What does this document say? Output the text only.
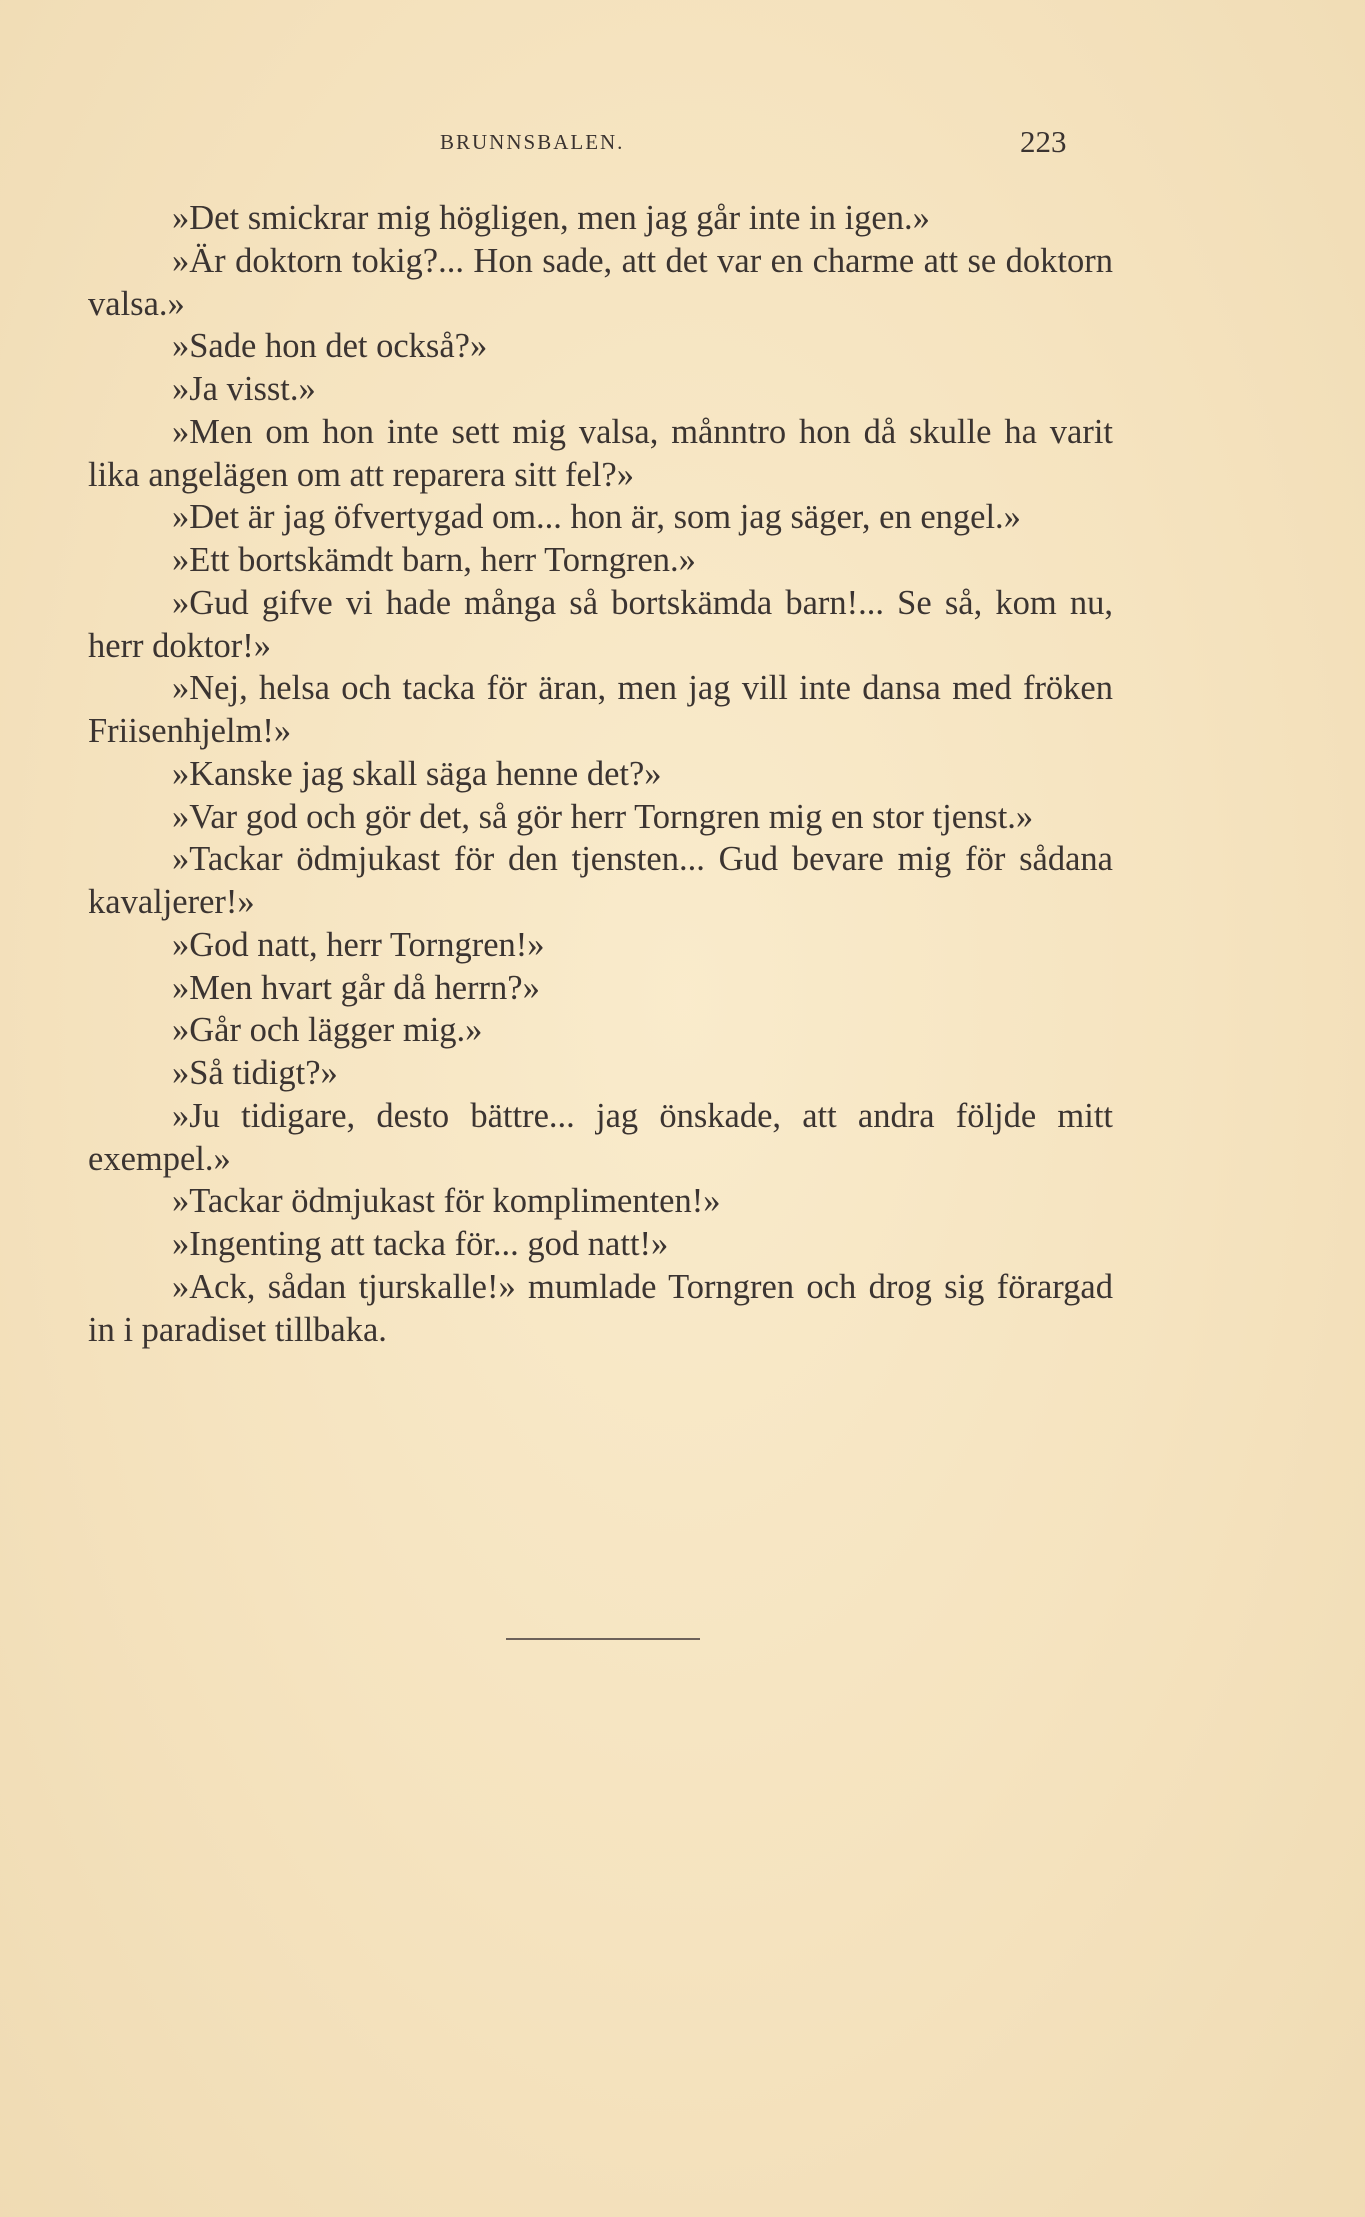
BRUNNSBALEN.	223

»Det smickrar mig högligen, men jag går inte in igen.»

»Är doktorn tokig?... Hon sade, att det var en charme att se doktorn valsa.»

»Sade hon det också?»

»Ja visst.»

»Men om hon inte sett mig valsa, månntro hon då skulle ha varit lika angelägen om att reparera sitt fel?»

»Det är jag öfvertygad om... hon är, som jag säger, en engel.»

»Ett bortskämdt barn, herr Torngren.»

»Gud gifve vi hade många så bortskämda barn!... Se så, kom nu, herr doktor!»

»Nej, helsa och tacka för äran, men jag vill inte dansa med fröken Friisenhjelm!»

»Kanske jag skall säga henne det?»

»Var god och gör det, så gör herr Torngren mig en stor tjenst.»

»Tackar ödmjukast för den tjensten... Gud bevare mig för sådana kavaljerer!»

»God natt, herr Torngren!»

»Men hvart går då herrn?»

»Går och lägger mig.»

»Så tidigt?»

»Ju tidigare, desto bättre... jag önskade, att andra följde mitt exempel.»

»Tackar ödmjukast för komplimenten!»

»Ingenting att tacka för... god natt!»

»Ack, sådan tjurskalle!» mumlade Torngren och drog sig förargad in i paradiset tillbaka.
